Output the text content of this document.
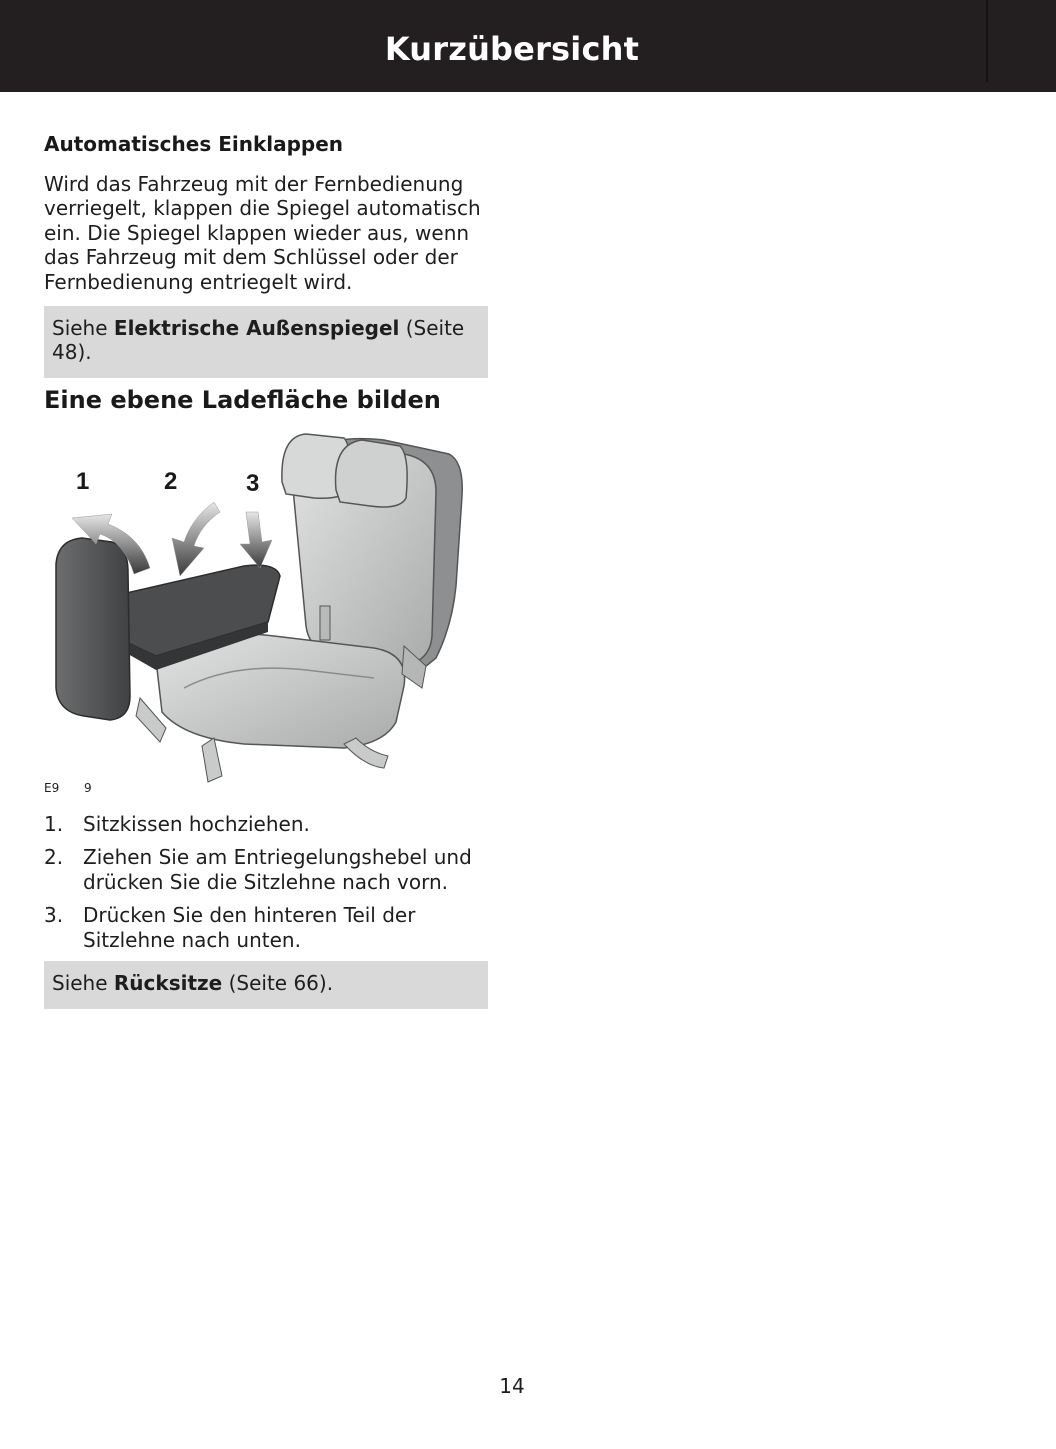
Kurzübersicht
Automatisches Einklappen
Wird das Fahrzeug mit der Fernbedienung
verriegelt, klappen die Spiegel automatisch
ein. Die Spiegel klappen wieder aus, wenn
das Fahrzeug mit dem Schlüssel oder der
Fernbedienung entriegelt wird.
Siehe Elektrische Außenspiegel (Seite
48).
Eine ebene Ladefläche bilden
1	2	3
E9 9
1. Sitzkissen hochziehen.
2. Ziehen Sie am Entriegelungshebel und
drücken Sie die Sitzlehne nach vorn.
3. Drücken Sie den hinteren Teil der
Sitzlehne nach unten.
Siehe Rücksitze (Seite 66).
14
